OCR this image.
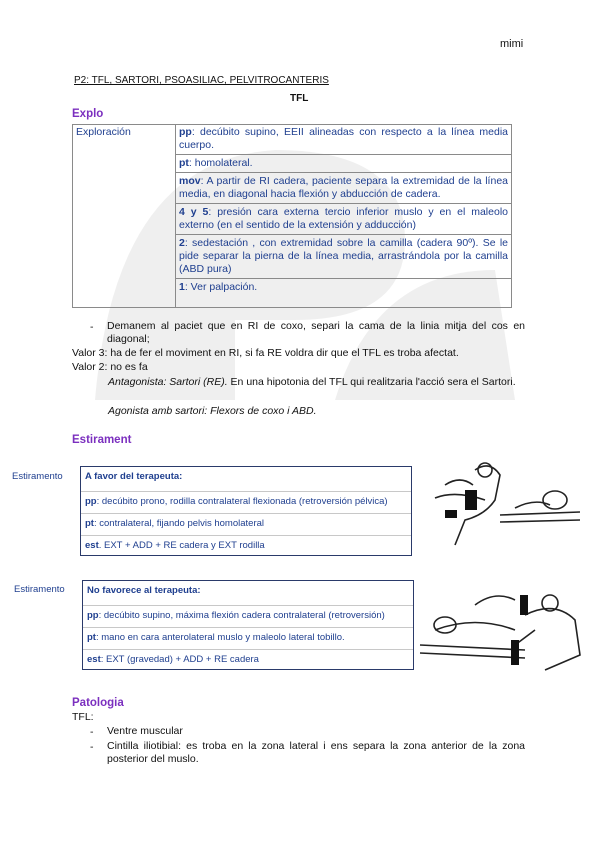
mimi
P2: TFL, SARTORI, PSOASILIAC, PELVITROCANTERIS
TFL
Explo
Exploración	pp: decúbito supino, EEII alineadas con respecto a la línea media cuerpo.

pt: homolateral.

mov: A partir de RI cadera, paciente separa la extremidad de la línea media, en diagonal hacia flexión y abducción de cadera.

4 y 5: presión cara externa tercio inferior muslo y en el maleolo externo (en el sentido de la extensión y adducción)

2: sedestación , con extremidad sobre la camilla (cadera 90º). Se le pide separar la pierna de la línea media, arrastrándola por la camilla (ABD pura)

1: Ver palpación.

- Demanem al paciet que en RI de coxo, separi la cama de la linia mitja del cos en diagonal;
Valor 3: ha de fer el moviment en RI, si fa RE voldra dir que el TFL es troba afectat.
Valor 2: no es fa
Antagonista: Sartori (RE). En una hipotonia del TFL qui realitzaria l'acció sera el Sartori.
Agonista amb sartori: Flexors de coxo i ABD.
Estirament
Estiramento	A favor del terapeuta:
pp: decúbito prono, rodilla contralateral flexionada (retroversión pélvica)
pt: contralateral, fijando pelvis homolateral
est. EXT + ADD + RE cadera y EXT rodilla
Estiramento	No favorece al terapeuta:
pp: decúbito supino, máxima flexión cadera contralateral (retroversión)
pt: mano en cara anterolateral muslo y maleolo lateral tobillo.
est: EXT (gravedad) + ADD + RE cadera
Patologia
TFL:
- Ventre muscular
- Cintilla iliotibial: es troba en la zona lateral i ens separa la zona anterior de la zona posterior del muslo.
